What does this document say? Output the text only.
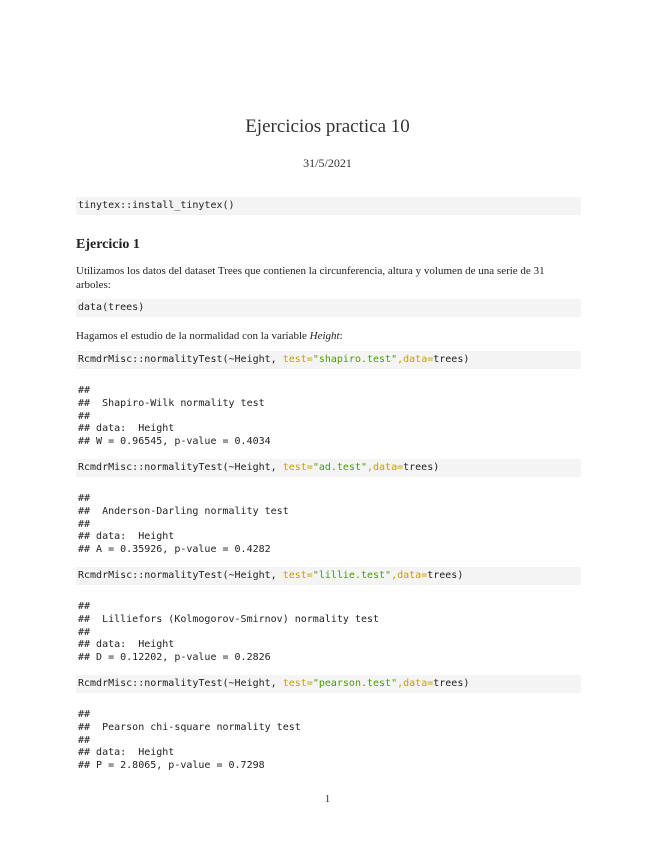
Ejercicios practica 10
31/5/2021
tinytex::install_tinytex()
Ejercicio 1
Utilizamos los datos del dataset Trees que contienen la circunferencia, altura y volumen de una serie de 31 arboles:
data(trees)
Hagamos el estudio de la normalidad con la variable Height:
RcmdrMisc::normalityTest(~Height, test="shapiro.test",data=trees)
##
##  Shapiro-Wilk normality test
##
## data:  Height
## W = 0.96545, p-value = 0.4034
RcmdrMisc::normalityTest(~Height, test="ad.test",data=trees)
##
##  Anderson-Darling normality test
##
## data:  Height
## A = 0.35926, p-value = 0.4282
RcmdrMisc::normalityTest(~Height, test="lillie.test",data=trees)
##
##  Lilliefors (Kolmogorov-Smirnov) normality test
##
## data:  Height
## D = 0.12202, p-value = 0.2826
RcmdrMisc::normalityTest(~Height, test="pearson.test",data=trees)
##
##  Pearson chi-square normality test
##
## data:  Height
## P = 2.8065, p-value = 0.7298
1
